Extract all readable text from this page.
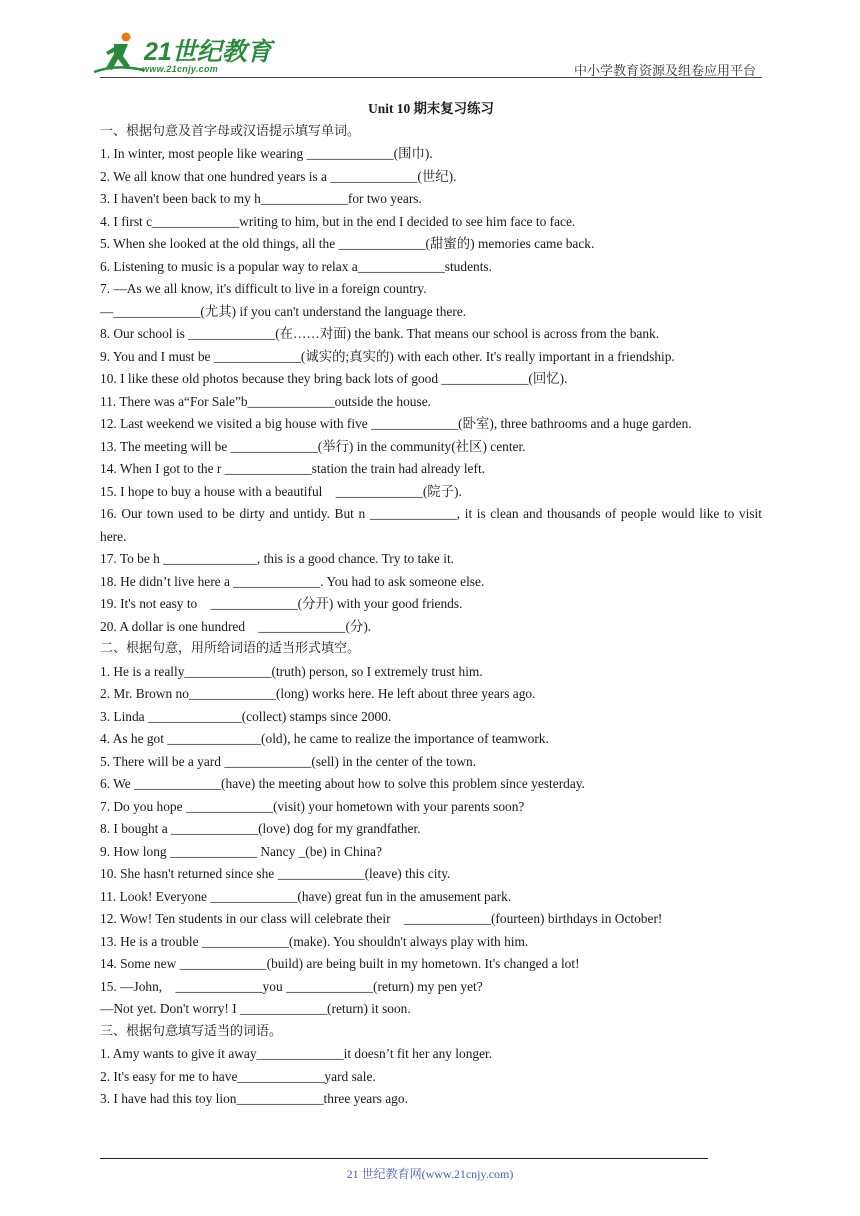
21世纪教育
www.21cnjy.com	中小学教育资源及组卷应用平台
Unit 10 期末复习练习
一、根据句意及首字母或汉语提示填写单词。
1. In winter, most people like wearing _____________(围巾).
2. We all know that one hundred years is a _____________(世纪).
3. I haven't been back to my h_____________for two years.
4. I first c_____________writing to him, but in the end I decided to see him face to face.
5. When she looked at the old things, all the _____________(甜蜜的) memories came back.
6. Listening to music is a popular way to relax a_____________students.
7. —As we all know, it's difficult to live in a foreign country.
—_____________(尤其) if you can't understand the language there.
8. Our school is _____________(在……对面) the bank. That means our school is across from the bank.
9. You and I must be _____________(诚实的;真实的) with each other. It's really important in a friendship.
10. I like these old photos because they bring back lots of good _____________(回忆).
11. There was a“For Sale”b_____________outside the house.
12. Last weekend we visited a big house with five _____________(卧室), three bathrooms and a huge garden.
13. The meeting will be _____________(举行) in the community(社区) center.
14. When I got to the r _____________station the train had already left.
15. I hope to buy a house with a beautiful    _____________(院子).
16. Our town used to be dirty and untidy. But n _____________, it is clean and thousands of people would like to visit here.
17. To be h ______________, this is a good chance. Try to take it.
18. He didn’t live here a _____________. You had to ask someone else.
19. It's not easy to    _____________(分开) with your good friends.
20. A dollar is one hundred    _____________(分).
二、根据句意，用所给词语的适当形式填空。
1. He is a really_____________(truth) person, so I extremely trust him.
2. Mr. Brown no_____________(long) works here. He left about three years ago.
3. Linda ______________(collect) stamps since 2000.
4. As he got ______________(old), he came to realize the importance of teamwork.
5. There will be a yard _____________(sell) in the center of the town.
6. We _____________(have) the meeting about how to solve this problem since yesterday.
7. Do you hope _____________(visit) your hometown with your parents soon?
8. I bought a _____________(love) dog for my grandfather.
9. How long _____________ Nancy _(be) in China?
10. She hasn't returned since she _____________(leave) this city.
11. Look! Everyone _____________(have) great fun in the amusement park.
12. Wow! Ten students in our class will celebrate their    _____________(fourteen) birthdays in October!
13. He is a trouble _____________(make). You shouldn't always play with him.
14. Some new _____________(build) are being built in my hometown. It's changed a lot!
15. —John,    _____________you _____________(return) my pen yet?
—Not yet. Don't worry! I _____________(return) it soon.
三、根据句意填写适当的词语。
1. Amy wants to give it away_____________it doesn’t fit her any longer.
2. It's easy for me to have_____________yard sale.
3. I have had this toy lion_____________three years ago.
21 世纪教育网(www.21cnjy.com)
